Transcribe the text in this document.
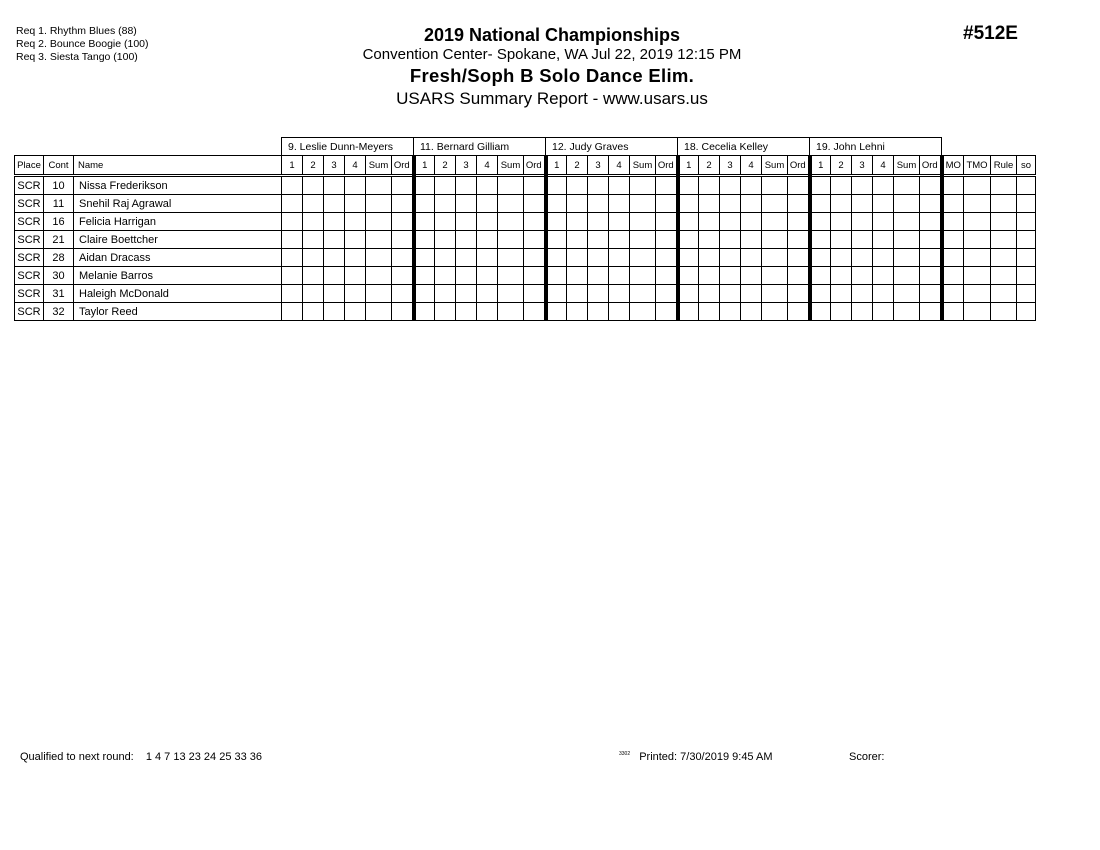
Req 1. Rhythm Blues (88)
Req 2. Bounce Boogie (100)
Req 3. Siesta Tango (100)
2019 National Championships
Convention Center- Spokane, WA Jul 22, 2019 12:15 PM
Fresh/Soph B Solo Dance Elim.
USARS Summary Report - www.usars.us
#512E
			9. Leslie Dunn-Meyers						11. Bernard Gilliam						12. Judy Graves						18. Cecelia Kelley						19. John Lehni									
Place	Cont	Name	1	2	3	4	Sum	Ord	1	2	3	4	Sum	Ord	1	2	3	4	Sum	Ord	1	2	3	4	Sum	Ord	1	2	3	4	Sum	Ord	MO	TMO	Rule	so
SCR	10	Nissa Frederikson																																		
SCR	11	Snehil Raj Agrawal																																		
SCR	16	Felicia Harrigan																																		
SCR	21	Claire Boettcher																																		
SCR	28	Aidan Dracass																																		
SCR	30	Melanie Barros																																		
SCR	31	Haleigh McDonald																																		
SCR	32	Taylor Reed																																		
Qualified to next round: 1 4 7 13 23 24 25 33 36	$^{3302}$ Printed: 7/30/2019 9:45 AM	Scorer:
